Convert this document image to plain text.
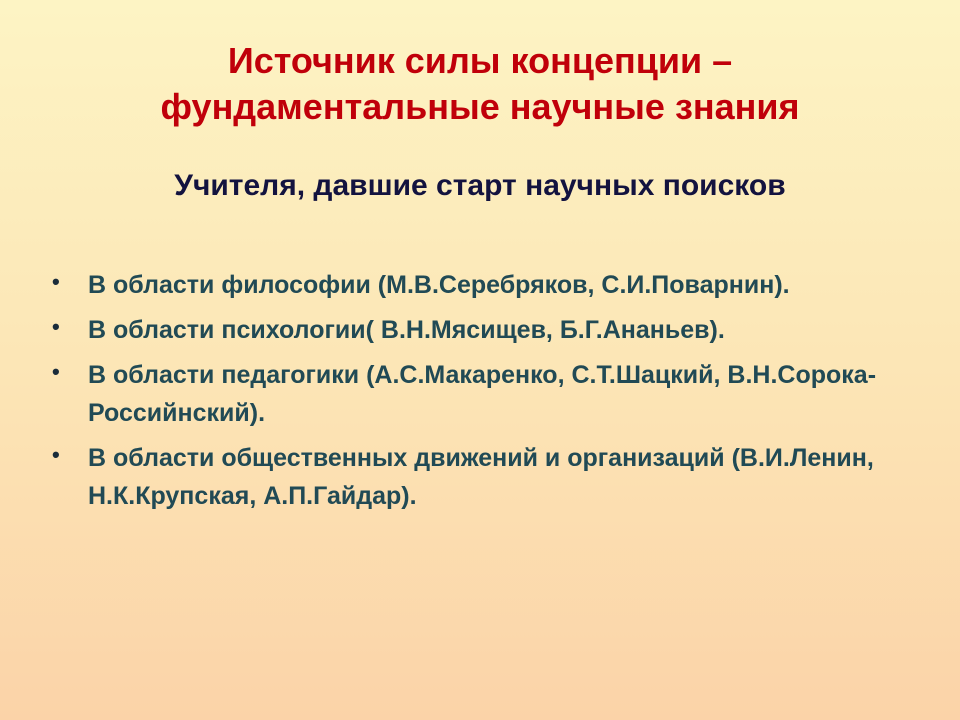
Источник силы концепции –
фундаментальные научные знания
Учителя, давшие старт научных поисков
•	В области философии (М.В.Серебряков, С.И.Поварнин).
•	В области психологии( В.Н.Мясищев, Б.Г.Ананьев).
•	В области педагогики (А.С.Макаренко, С.Т.Шацкий, В.Н.Сорока-Российнский).
•	В области общественных движений и организаций (В.И.Ленин, Н.К.Крупская, А.П.Гайдар).
